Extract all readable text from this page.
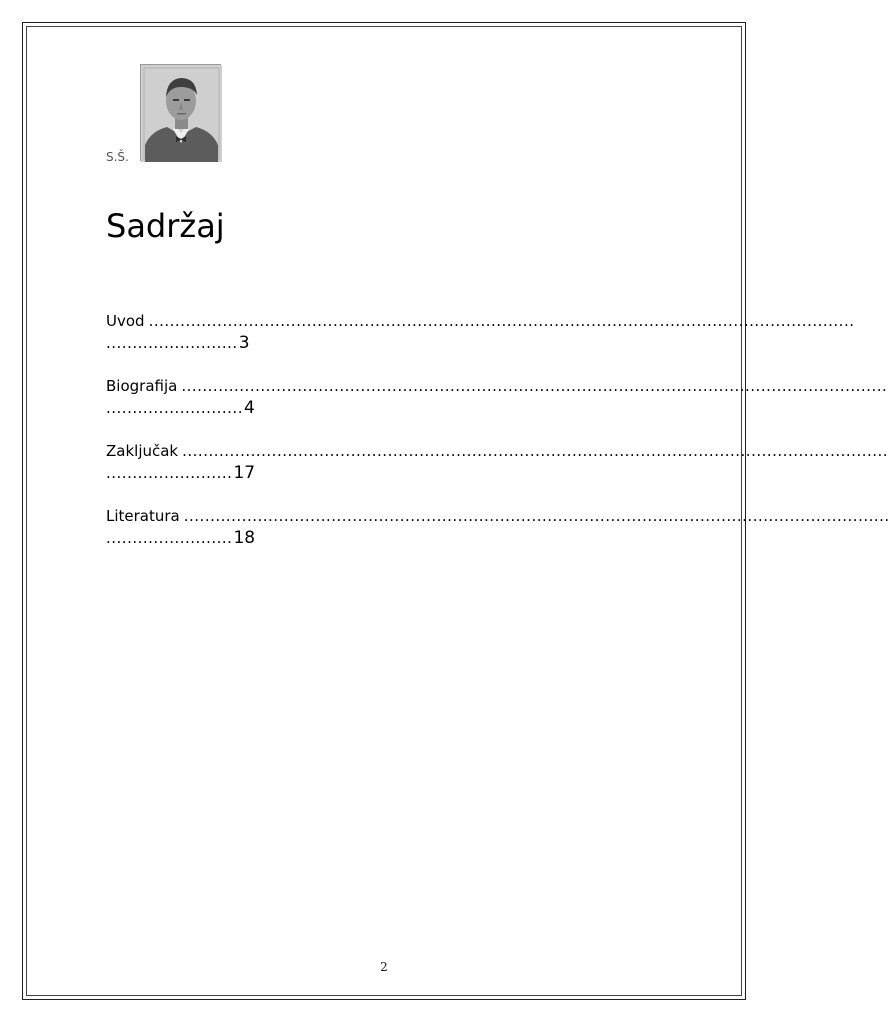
S.Š.
Sadržaj
Uvod ......................................................................................................................................
......................... 3
Biografija ......................................................................................................................................
.......................... 4
Zaključak ......................................................................................................................................
........................ 17
Literatura ......................................................................................................................................
........................ 18
2
